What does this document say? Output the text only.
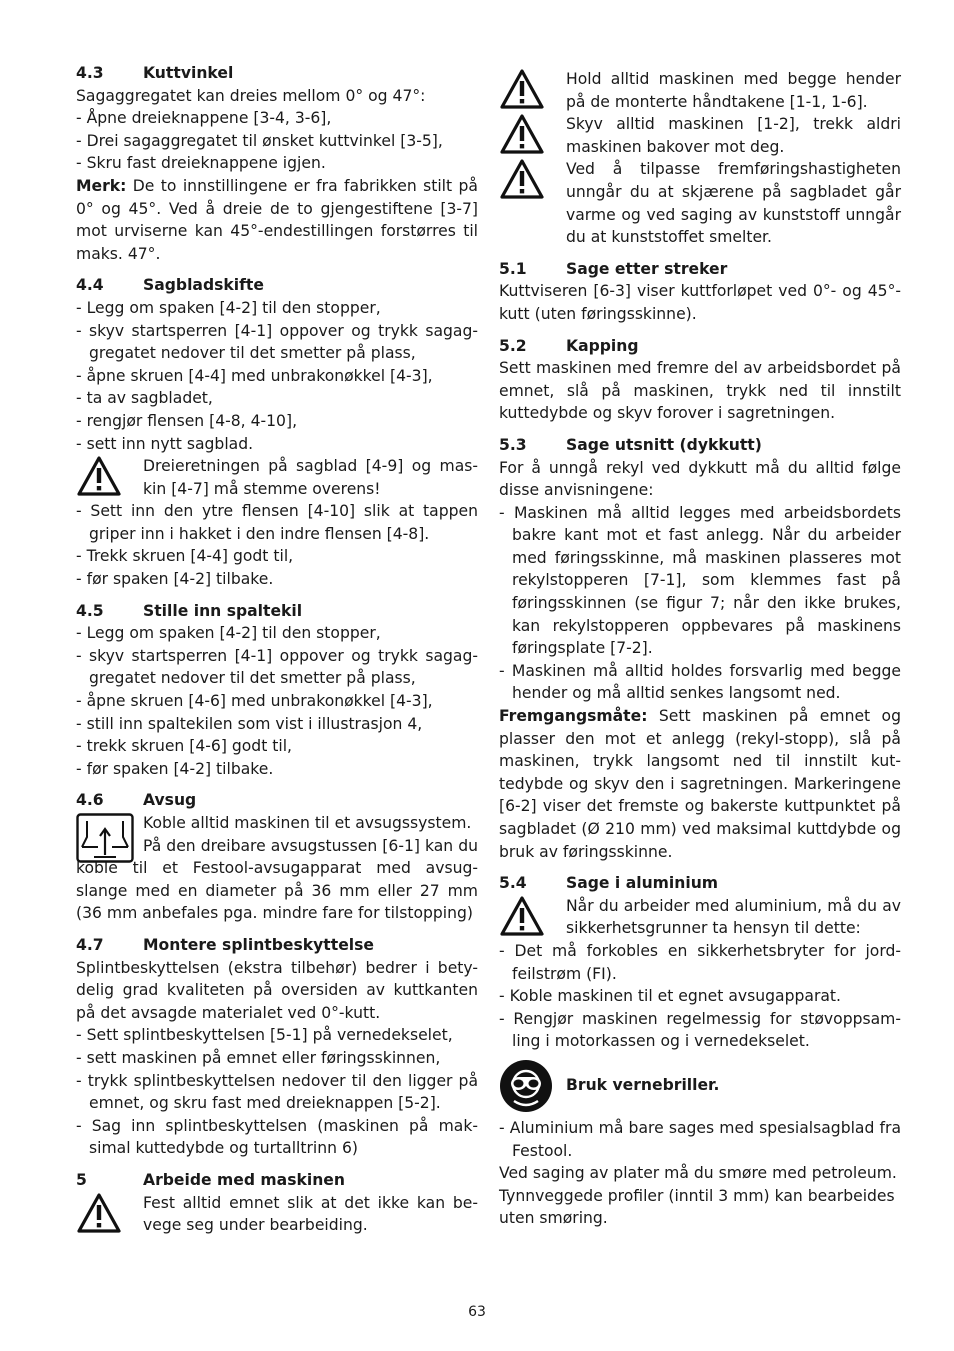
4.3	Kuttvinkel

Sagaggregatet kan dreies mellom 0° og 47°:

- Åpne dreieknappene [3-4, 3-6],
- Drei sagaggregatet til ønsket kuttvinkel [3-5],
- Skru fast dreieknappene igjen.

Merk: De to innstillingene er fra fabrikken stilt på 0° og 45°. Ved å dreie de to gjengestiftene [3-7] mot urviserne kan 45°-endestillingen forstørres til maks. 47°.

4.4	Sagbladskifte
- Legg om spaken [4-2] til den stopper,
- skyv startsperren [4-1] oppover og trykk sagag-gregatet nedover til det smetter på plass,
- åpne skruen [4-4] med unbrakonøkkel [4-3],
- ta av sagbladet,
- rengjør flensen [4-8, 4-10],
- sett inn nytt sagblad.

Dreieretningen på sagblad [4-9] og mas-kin [4-7] må stemme overens!

- Sett inn den ytre flensen [4-10] slik at tappen griper inn i hakket i den indre flensen [4-8].
- Trekk skruen [4-4] godt til,
- før spaken [4-2] tilbake.
4.5	Stille inn spaltekil
- Legg om spaken [4-2] til den stopper,
- skyv startsperren [4-1] oppover og trykk sagag-gregatet nedover til det smetter på plass,
- åpne skruen [4-6] med unbrakonøkkel [4-3],
- still inn spaltekilen som vist i illustrasjon 4,
- trekk skruen [4-6] godt til,
- før spaken [4-2] tilbake.
4.6	Avsug

Koble alltid maskinen til et avsugssystem.

På den dreibare avsugstussen [6-1] kan du koble til et Festool-avsugapparat med avsug-slange med en diameter på 36 mm eller 27 mm (36 mm anbefales pga. mindre fare for tilstopping)

4.7	Montere splintbeskyttelse

Splintbeskyttelsen (ekstra tilbehør) bedrer i bety-delig grad kvaliteten på oversiden av kuttkanten på det avsagde materialet ved 0°-kutt.

- Sett splintbeskyttelsen [5-1] på vernedekselet,
- sett maskinen på emnet eller føringsskinnen,
- trykk splintbeskyttelsen nedover til den ligger på emnet, og skru fast med dreieknappen [5-2].
- Sag inn splintbeskyttelsen (maskinen på mak-simal kuttedybde og turtalltrinn 6)
5	Arbeide med maskinen

Fest alltid emnet slik at det ikke kan be-vege seg under bearbeiding.

Hold alltid maskinen med begge hender på de monterte håndtakene [1-1, 1-6].

Skyv alltid maskinen [1-2], trekk aldri maskinen bakover mot deg.

Ved å tilpasse fremføringshastigheten unngår du at skjærene på sagbladet går varme og ved saging av kunststoff unngår du at kunststoffet smelter.

5.1	Sage etter streker

Kuttviseren [6-3] viser kuttforløpet ved 0°- og 45°-kutt (uten føringsskinne).

5.2	Kapping

Sett maskinen med fremre del av arbeidsbordet på emnet, slå på maskinen, trykk ned til innstilt kuttedybde og skyv forover i sagretningen.

5.3	Sage utsnitt (dykkutt)

For å unngå rekyl ved dykkutt må du alltid følge disse anvisningene:

- Maskinen må alltid legges med arbeidsbordets bakre kant mot et fast anlegg. Når du arbeider med føringsskinne, må maskinen plasseres mot rekylstopperen [7-1], som klemmes fast på føringsskinnen (se figur 7; når den ikke brukes, kan rekylstopperen oppbevares på maskinens føringsplate [7-2].
- Maskinen må alltid holdes forsvarlig med begge hender og må alltid senkes langsomt ned.

Fremgangsmåte: Sett maskinen på emnet og plasser den mot et anlegg (rekyl-stopp), slå på maskinen, trykk langsomt ned til innstilt kut-tedybde og skyv den i sagretningen. Markeringene [6-2] viser det fremste og bakerste kuttpunktet på sagbladet (Ø 210 mm) ved maksimal kuttdybde og bruk av føringsskinne.

5.4	Sage i aluminium

Når du arbeider med aluminium, må du av sikkerhetsgrunner ta hensyn til dette:

- Det må forkobles en sikkerhetsbryter for jord-feilstrøm (FI).
- Koble maskinen til et egnet avsugapparat.
- Rengjør maskinen regelmessig for støvoppsam-ling i motorkassen og i vernedekselet.

Bruk vernebriller.

- Aluminium må bare sages med spesialsagblad fra Festool.

Ved saging av plater må du smøre med petroleum.

Tynnveggede profiler (inntil 3 mm) kan bearbeides uten smøring.

63
